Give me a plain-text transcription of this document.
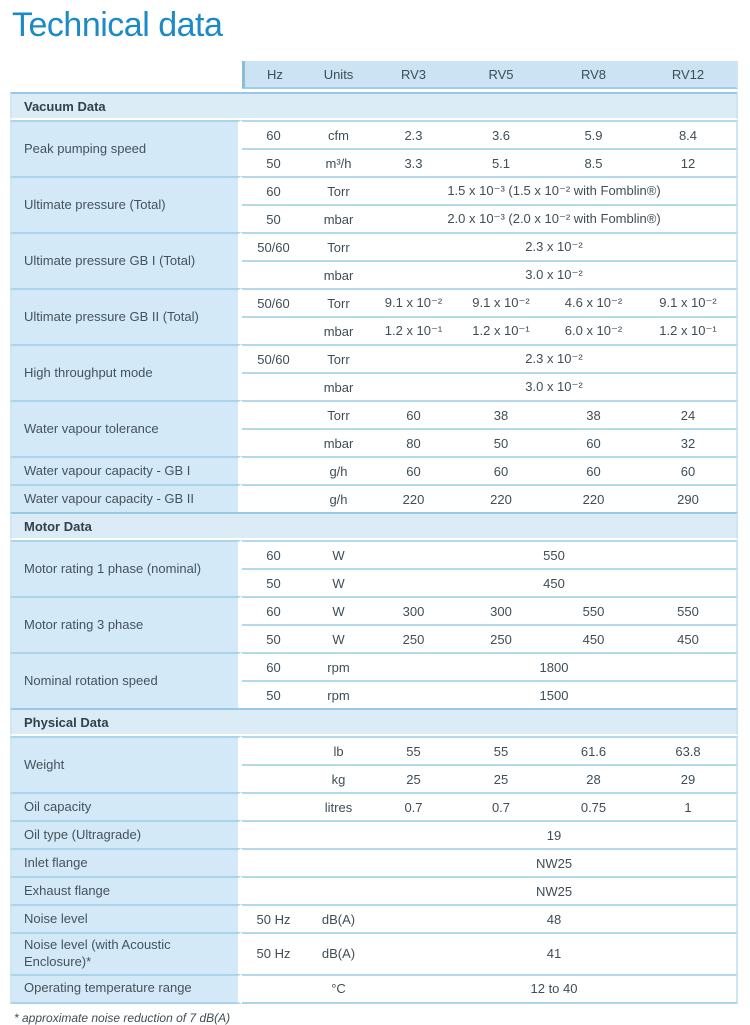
Technical data
	Hz	Units	RV3	RV5	RV8	RV12

Vacuum Data						
Peak pumping speed	60	cfm	2.3	3.6	5.9	8.4
	50	m³/h	3.3	5.1	8.5	12
Ultimate pressure (Total)	60	Torr	1.5 x 10⁻³ (1.5 x 10⁻² with Fomblin®)			
	50	mbar	2.0 x 10⁻³ (2.0 x 10⁻² with Fomblin®)			
Ultimate pressure GB I (Total)	50/60	Torr	2.3 x 10⁻²			
		mbar	3.0 x 10⁻²			
Ultimate pressure GB II (Total)	50/60	Torr	9.1 x 10⁻²	9.1 x 10⁻²	4.6 x 10⁻²	9.1 x 10⁻²
		mbar	1.2 x 10⁻¹	1.2 x 10⁻¹	6.0 x 10⁻²	1.2 x 10⁻¹
High throughput mode	50/60	Torr	2.3 x 10⁻²			
		mbar	3.0 x 10⁻²			
Water vapour tolerance		Torr	60	38	38	24
		mbar	80	50	60	32
Water vapour capacity - GB I		g/h	60	60	60	60
Water vapour capacity - GB II		g/h	220	220	220	290
Motor Data						
Motor rating 1 phase (nominal)	60	W	550			
	50	W	450			
Motor rating 3 phase	60	W	300	300	550	550
	50	W	250	250	450	450
Nominal rotation speed	60	rpm	1800			
	50	rpm	1500			
Physical Data						
Weight		lb	55	55	61.6	63.8
		kg	25	25	28	29
Oil capacity		litres	0.7	0.7	0.75	1
Oil type (Ultragrade)			19			
Inlet flange			NW25			
Exhaust flange			NW25			
Noise level	50 Hz	dB(A)	48			
Noise level (with Acoustic Enclosure)*	50 Hz	dB(A)	41			
Operating temperature range		°C	12 to 40			

* approximate noise reduction of 7 dB(A)
